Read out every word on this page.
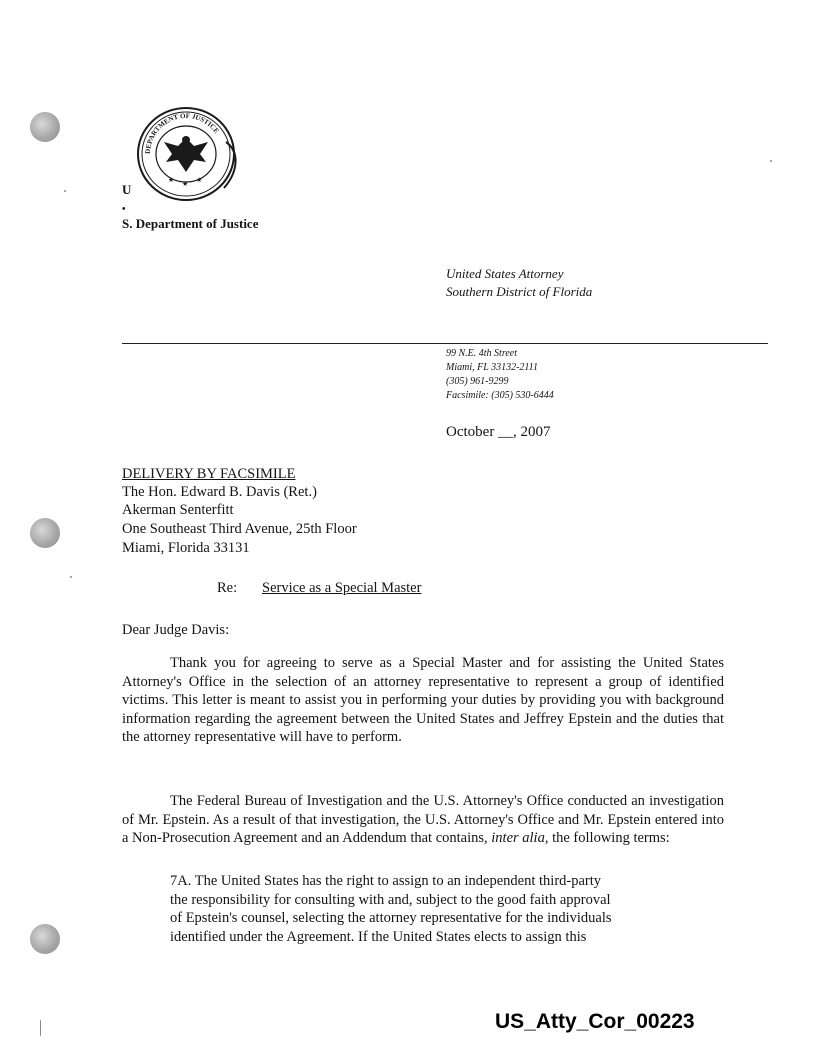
DEPARTMENT OF JUSTICE
★ ★ ★
U
•
S. Department of Justice
United States Attorney
Southern District of Florida
99 N.E. 4th Street
Miami, FL 33132-2111
(305) 961-9299
Facsimile: (305) 530-6444
October __, 2007
DELIVERY BY FACSIMILE
The Hon. Edward B. Davis (Ret.)
Akerman Senterfitt
One Southeast Third Avenue, 25th Floor
Miami, Florida 33131
Re: Service as a Special Master
Dear Judge Davis:
Thank you for agreeing to serve as a Special Master and for assisting the United States Attorney's Office in the selection of an attorney representative to represent a group of identified victims. This letter is meant to assist you in performing your duties by providing you with background information regarding the agreement between the United States and Jeffrey Epstein and the duties that the attorney representative will have to perform.
The Federal Bureau of Investigation and the U.S. Attorney's Office conducted an investigation of Mr. Epstein. As a result of that investigation, the U.S. Attorney's Office and Mr. Epstein entered into a Non-Prosecution Agreement and an Addendum that contains, inter alia, the following terms:
7A. The United States has the right to assign to an independent third-party
the responsibility for consulting with and, subject to the good faith approval
of Epstein's counsel, selecting the attorney representative for the individuals
identified under the Agreement. If the United States elects to assign this
US_Atty_Cor_00223
